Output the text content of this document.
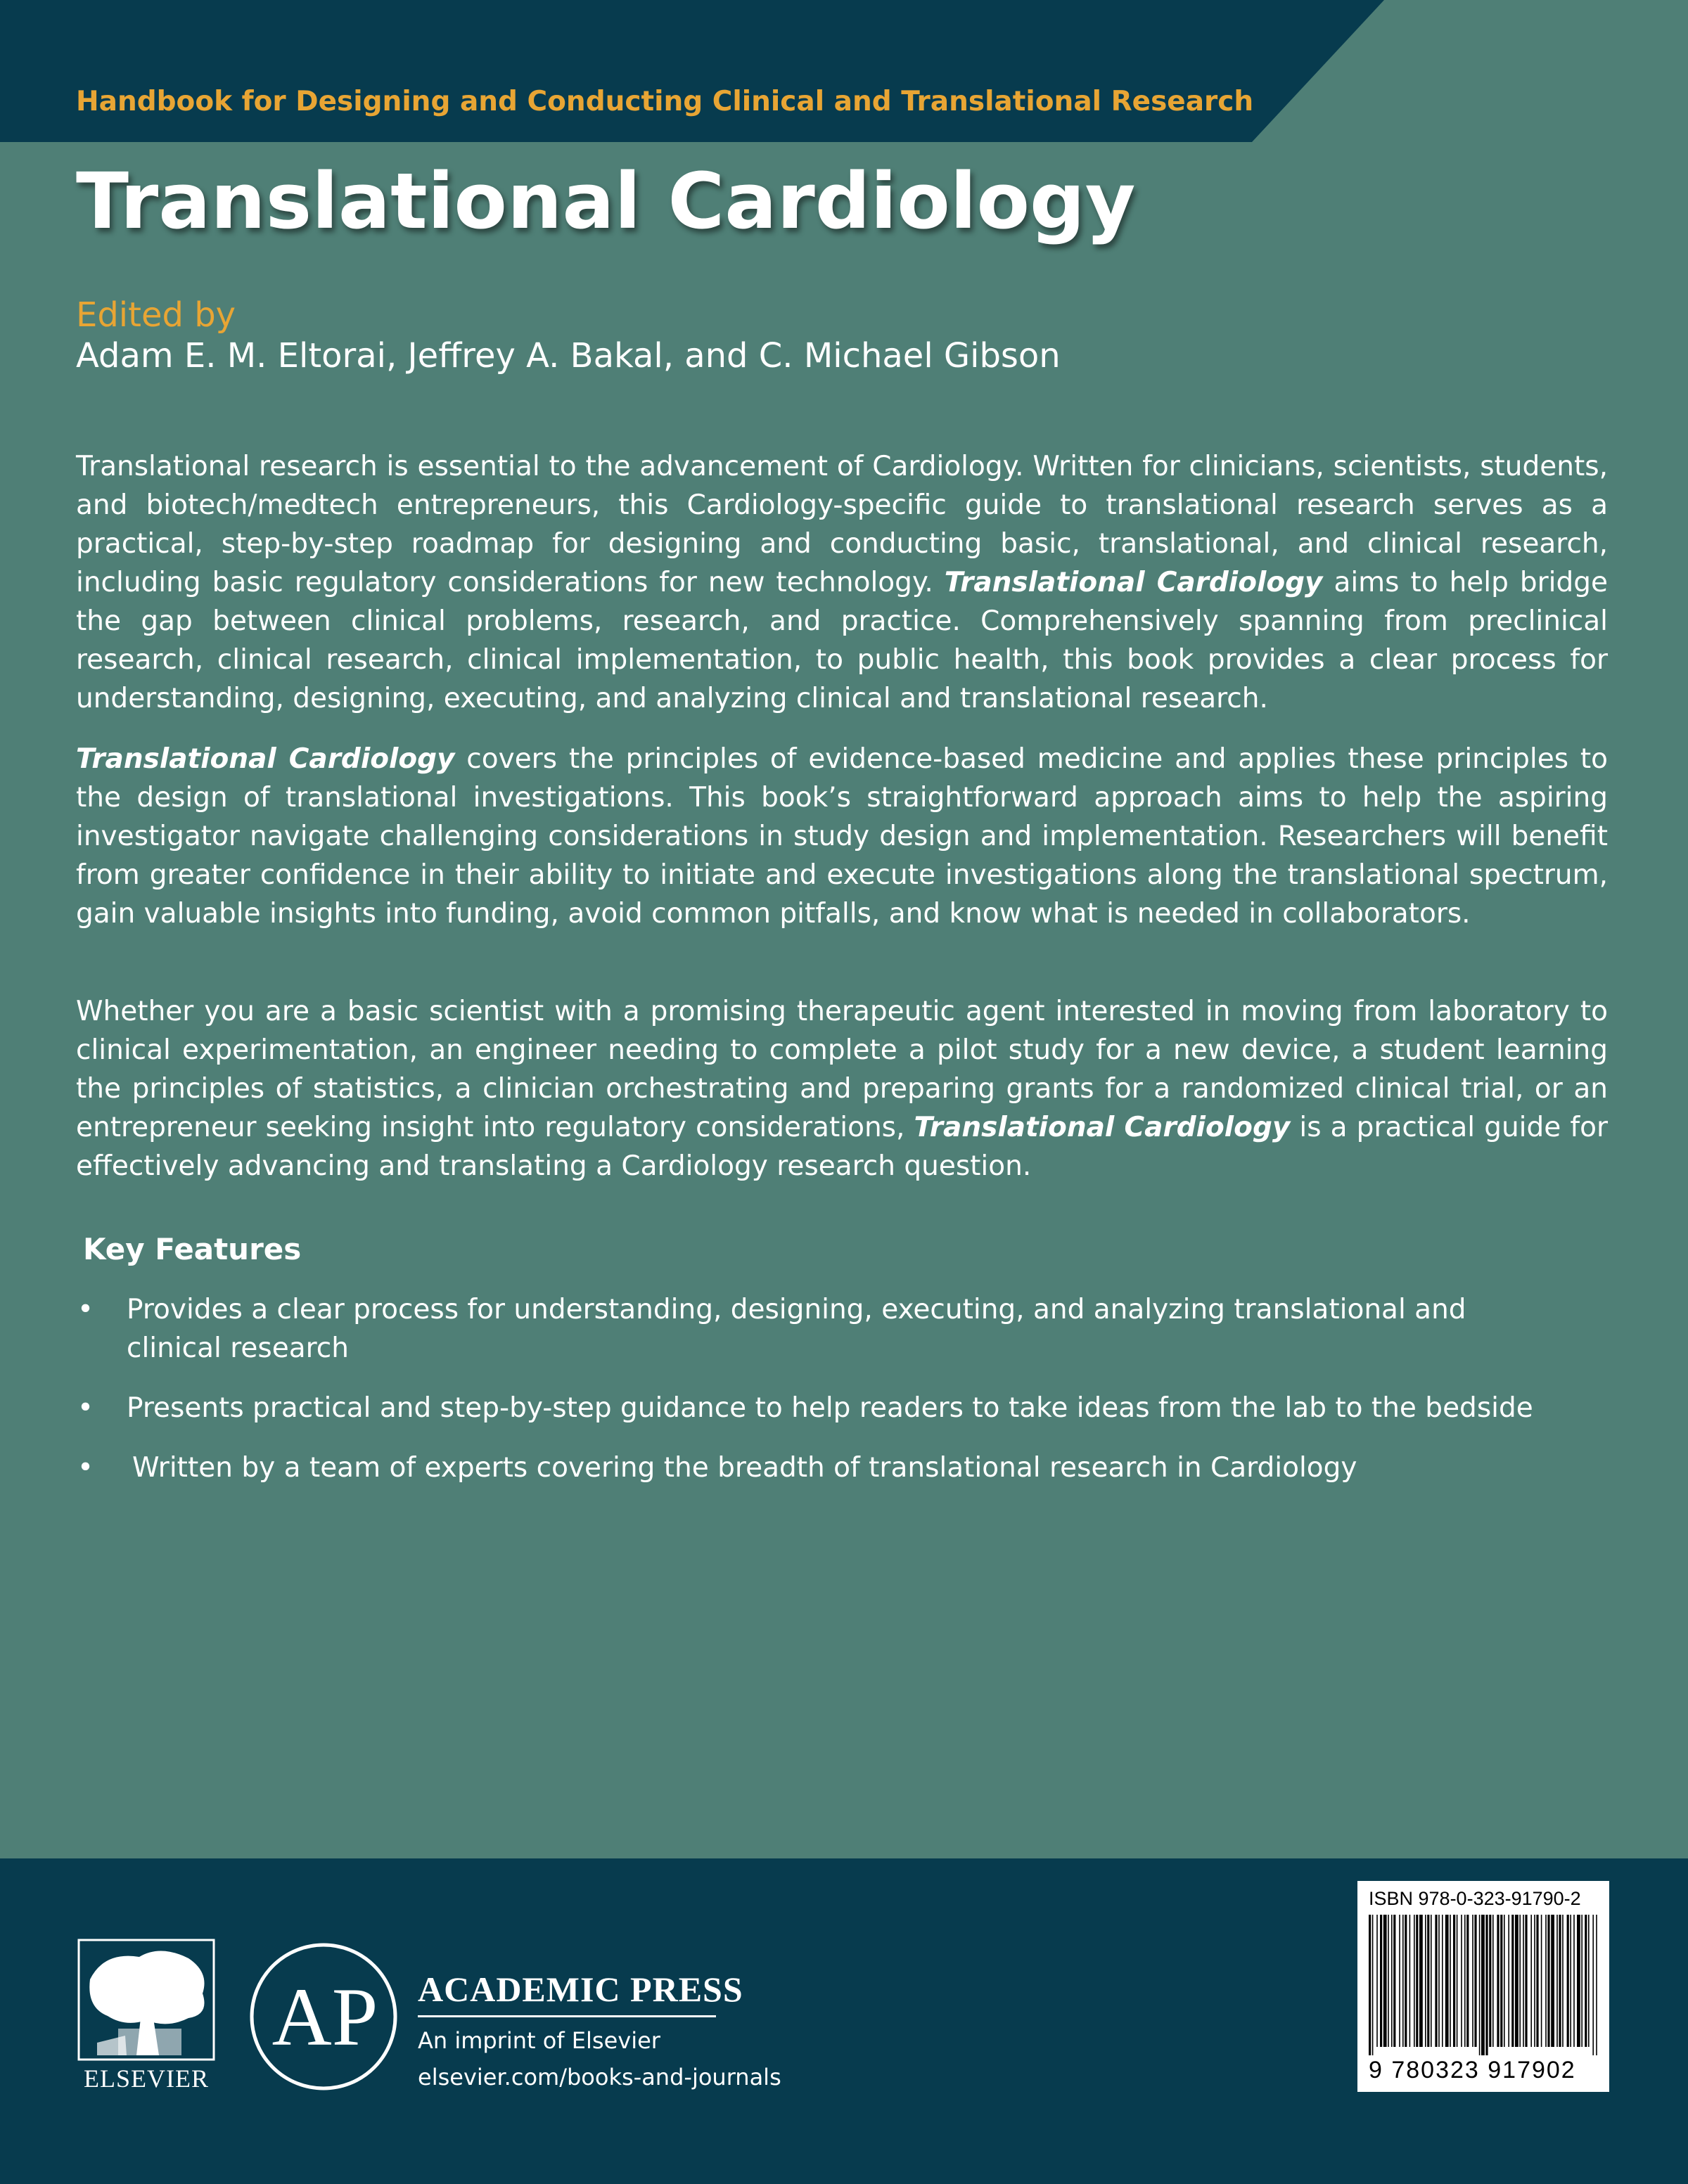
Handbook for Designing and Conducting Clinical and Translational Research
Translational Cardiology
Edited by
Adam E. M. Eltorai, Jeffrey A. Bakal, and C. Michael Gibson

Translational research is essential to the advancement of Cardiology. Written for clinicians, scientists, students, and biotech/medtech entrepreneurs, this Cardiology-specific guide to translational research serves as a practical, step-by-step roadmap for designing and conducting basic, translational, and clinical research, including basic regulatory considerations for new technology. Translational Cardiology aims to help bridge the gap between clinical problems, research, and practice. Comprehensively spanning from preclinical research, clinical research, clinical implementation, to public health, this book provides a clear process for understanding, designing, executing, and analyzing clinical and translational research.

Translational Cardiology covers the principles of evidence-based medicine and applies these principles to the design of translational investigations. This book’s straightforward approach aims to help the aspiring investigator navigate challenging considerations in study design and implementation. Researchers will benefit from greater confidence in their ability to initiate and execute investigations along the translational spectrum, gain valuable insights into funding, avoid common pitfalls, and know what is needed in collaborators.

Whether you are a basic scientist with a promising therapeutic agent interested in moving from laboratory to clinical experimentation, an engineer needing to complete a pilot study for a new device, a student learning the principles of statistics, a clinician orchestrating and preparing grants for a randomized clinical trial, or an entrepreneur seeking insight into regulatory considerations, Translational Cardiology is a practical guide for effectively advancing and translating a Cardiology research question.

Key Features
• Provides a clear process for understanding, designing, executing, and analyzing translational and clinical research
• Presents practical and step-by-step guidance to help readers to take ideas from the lab to the bedside
• Written by a team of experts covering the breadth of translational research in Cardiology
ELSEVIER
AP ACADEMIC PRESS
An imprint of Elsevier
elsevier.com/books-and-journals
ISBN 978-0-323-91790-2
9 780323 917902
